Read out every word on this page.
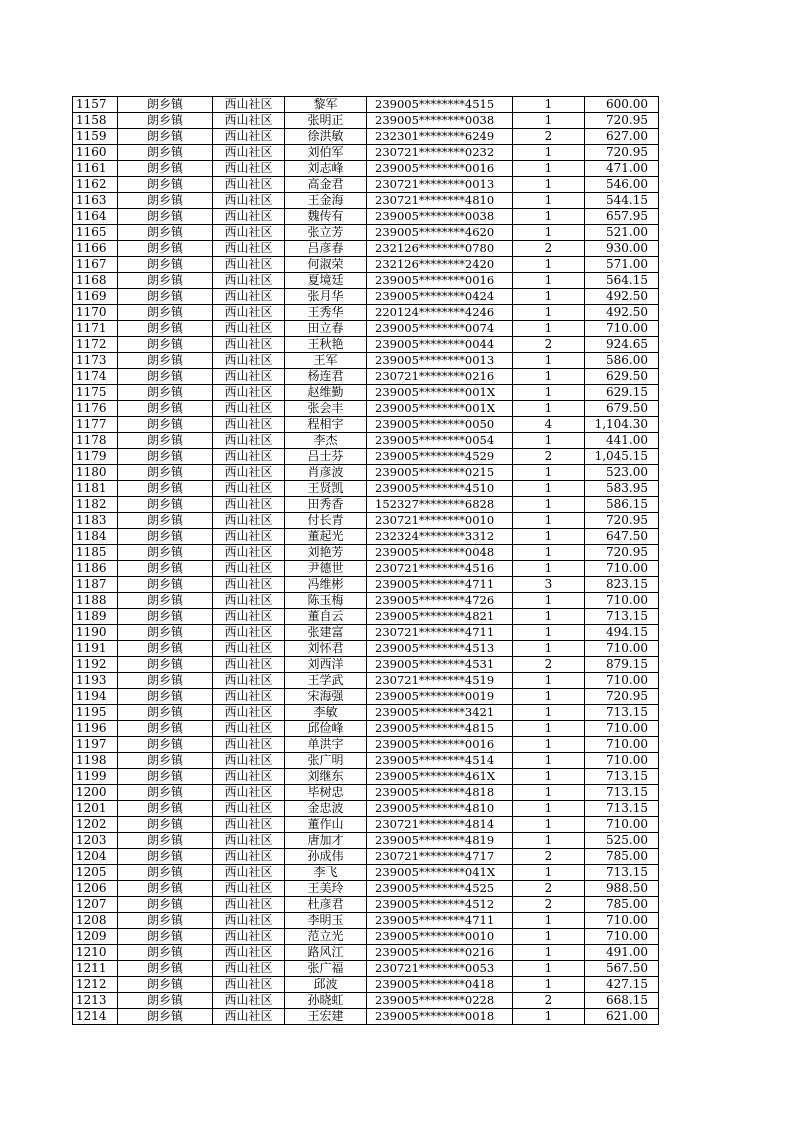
1157	朗乡镇	西山社区	黎军	239005********4515	1	600.00
1158	朗乡镇	西山社区	张明正	239005********0038	1	720.95
1159	朗乡镇	西山社区	徐洪敏	232301********6249	2	627.00
1160	朗乡镇	西山社区	刘伯军	230721********0232	1	720.95
1161	朗乡镇	西山社区	刘志峰	239005********0016	1	471.00
1162	朗乡镇	西山社区	高金君	230721********0013	1	546.00
1163	朗乡镇	西山社区	王金海	230721********4810	1	544.15
1164	朗乡镇	西山社区	魏传有	239005********0038	1	657.95
1165	朗乡镇	西山社区	张立芳	239005********4620	1	521.00
1166	朗乡镇	西山社区	吕彦春	232126********0780	2	930.00
1167	朗乡镇	西山社区	何淑荣	232126********2420	1	571.00
1168	朗乡镇	西山社区	夏境廷	239005********0016	1	564.15
1169	朗乡镇	西山社区	张月华	239005********0424	1	492.50
1170	朗乡镇	西山社区	王秀华	220124********4246	1	492.50
1171	朗乡镇	西山社区	田立春	239005********0074	1	710.00
1172	朗乡镇	西山社区	王秋艳	239005********0044	2	924.65
1173	朗乡镇	西山社区	王军	239005********0013	1	586.00
1174	朗乡镇	西山社区	杨连君	230721********0216	1	629.50
1175	朗乡镇	西山社区	赵维勤	239005********001X	1	629.15
1176	朗乡镇	西山社区	张会丰	239005********001X	1	679.50
1177	朗乡镇	西山社区	程相宇	239005********0050	4	1,104.30
1178	朗乡镇	西山社区	李杰	239005********0054	1	441.00
1179	朗乡镇	西山社区	吕士芬	239005********4529	2	1,045.15
1180	朗乡镇	西山社区	肖彦波	239005********0215	1	523.00
1181	朗乡镇	西山社区	王贤凯	239005********4510	1	583.95
1182	朗乡镇	西山社区	田秀香	152327********6828	1	586.15
1183	朗乡镇	西山社区	付长青	230721********0010	1	720.95
1184	朗乡镇	西山社区	董起光	232324********3312	1	647.50
1185	朗乡镇	西山社区	刘艳芳	239005********0048	1	720.95
1186	朗乡镇	西山社区	尹德世	230721********4516	1	710.00
1187	朗乡镇	西山社区	冯维彬	239005********4711	3	823.15
1188	朗乡镇	西山社区	陈玉梅	239005********4726	1	710.00
1189	朗乡镇	西山社区	董自云	239005********4821	1	713.15
1190	朗乡镇	西山社区	张建富	230721********4711	1	494.15
1191	朗乡镇	西山社区	刘怀君	239005********4513	1	710.00
1192	朗乡镇	西山社区	刘西洋	239005********4531	2	879.15
1193	朗乡镇	西山社区	王学武	230721********4519	1	710.00
1194	朗乡镇	西山社区	宋海强	239005********0019	1	720.95
1195	朗乡镇	西山社区	李敏	239005********3421	1	713.15
1196	朗乡镇	西山社区	邱俭峰	239005********4815	1	710.00
1197	朗乡镇	西山社区	单洪宇	239005********0016	1	710.00
1198	朗乡镇	西山社区	张广明	239005********4514	1	710.00
1199	朗乡镇	西山社区	刘继东	239005********461X	1	713.15
1200	朗乡镇	西山社区	毕树忠	239005********4818	1	713.15
1201	朗乡镇	西山社区	金忠波	239005********4810	1	713.15
1202	朗乡镇	西山社区	董作山	230721********4814	1	710.00
1203	朗乡镇	西山社区	唐加才	239005********4819	1	525.00
1204	朗乡镇	西山社区	孙成伟	230721********4717	2	785.00
1205	朗乡镇	西山社区	李飞	239005********041X	1	713.15
1206	朗乡镇	西山社区	王美玲	239005********4525	2	988.50
1207	朗乡镇	西山社区	杜彦君	239005********4512	2	785.00
1208	朗乡镇	西山社区	李明玉	239005********4711	1	710.00
1209	朗乡镇	西山社区	范立光	239005********0010	1	710.00
1210	朗乡镇	西山社区	路风江	239005********0216	1	491.00
1211	朗乡镇	西山社区	张广福	230721********0053	1	567.50
1212	朗乡镇	西山社区	邱波	239005********0418	1	427.15
1213	朗乡镇	西山社区	孙晓虹	239005********0228	2	668.15
1214	朗乡镇	西山社区	王宏建	239005********0018	1	621.00
